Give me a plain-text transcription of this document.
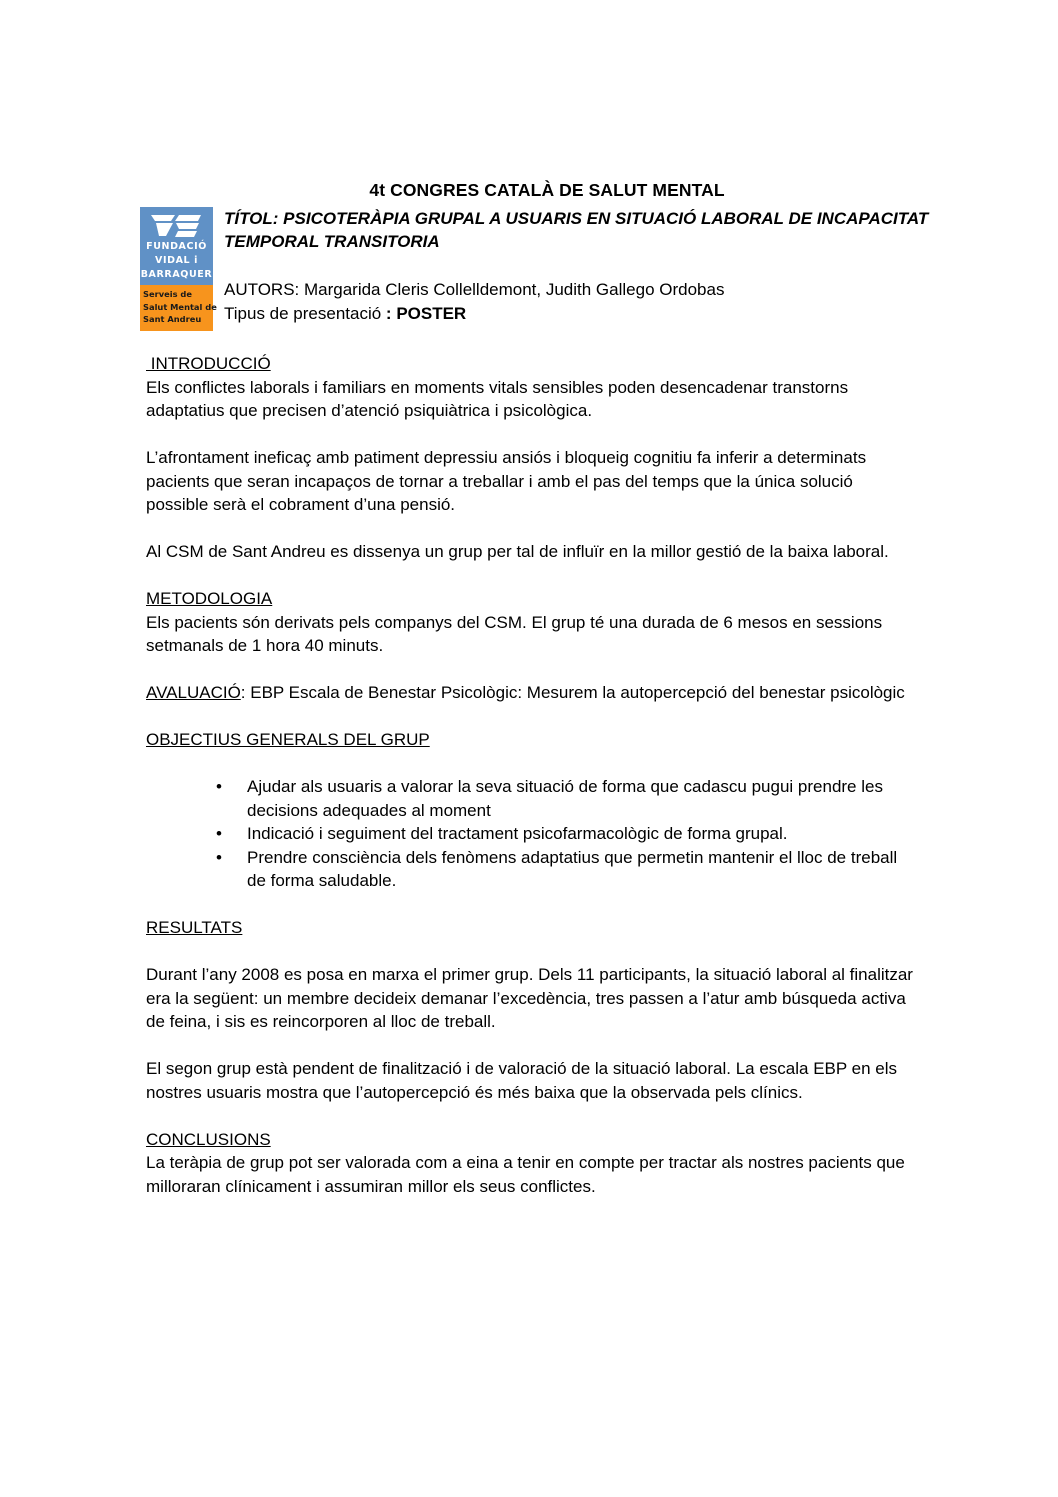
4t CONGRES CATALÀ DE SALUT MENTAL
FUNDACIÓ
VIDAL i
BARRAQUER
Serveis de
Salut Mental de
Sant Andreu
TÍTOL: PSICOTERÀPIA GRUPAL A USUARIS EN SITUACIÓ LABORAL DE INCAPACITAT TEMPORAL TRANSITORIA
AUTORS: Margarida Cleris Collelldemont, Judith Gallego Ordobas
Tipus de presentació : POSTER

INTRODUCCIÓ

Els conflictes laborals i familiars en moments vitals sensibles poden desencadenar transtorns adaptatius que precisen d’atenció psiquiàtrica i psicològica.

L’afrontament ineficaç amb patiment depressiu ansiós i bloqueig cognitiu fa inferir a determinats pacients que seran incapaços de tornar a treballar i amb el pas del temps que la única solució possible serà el cobrament d’una pensió.

Al CSM de Sant Andreu es dissenya un grup per tal de influïr en la millor gestió de la baixa laboral.

METODOLOGIA

Els pacients són derivats pels companys del CSM. El grup té una durada de 6 mesos en sessions setmanals de 1 hora 40 minuts.

AVALUACIÓ: EBP Escala de Benestar Psicològic: Mesurem la autopercepció del benestar psicològic

OBJECTIUS GENERALS DEL GRUP

• Ajudar als usuaris a valorar la seva situació de forma que cadascu pugui prendre les decisions adequades al moment
• Indicació i seguiment del tractament psicofarmacològic de forma grupal.
• Prendre consciència dels fenòmens adaptatius que permetin mantenir el lloc de treball de forma saludable.

RESULTATS

Durant l’any 2008 es posa en marxa el primer grup. Dels 11 participants, la situació laboral al finalitzar era la següent: un membre decideix demanar l’excedència, tres passen a l’atur amb búsqueda activa de feina, i sis es reincorporen al lloc de treball.

El segon grup està pendent de finalització i de valoració de la situació laboral. La escala EBP en els nostres usuaris mostra que l’autopercepció és més baixa que la observada pels clínics.

CONCLUSIONS

La teràpia de grup pot ser valorada com a eina a tenir en compte per tractar als nostres pacients que milloraran clínicament i assumiran millor els seus conflictes.
